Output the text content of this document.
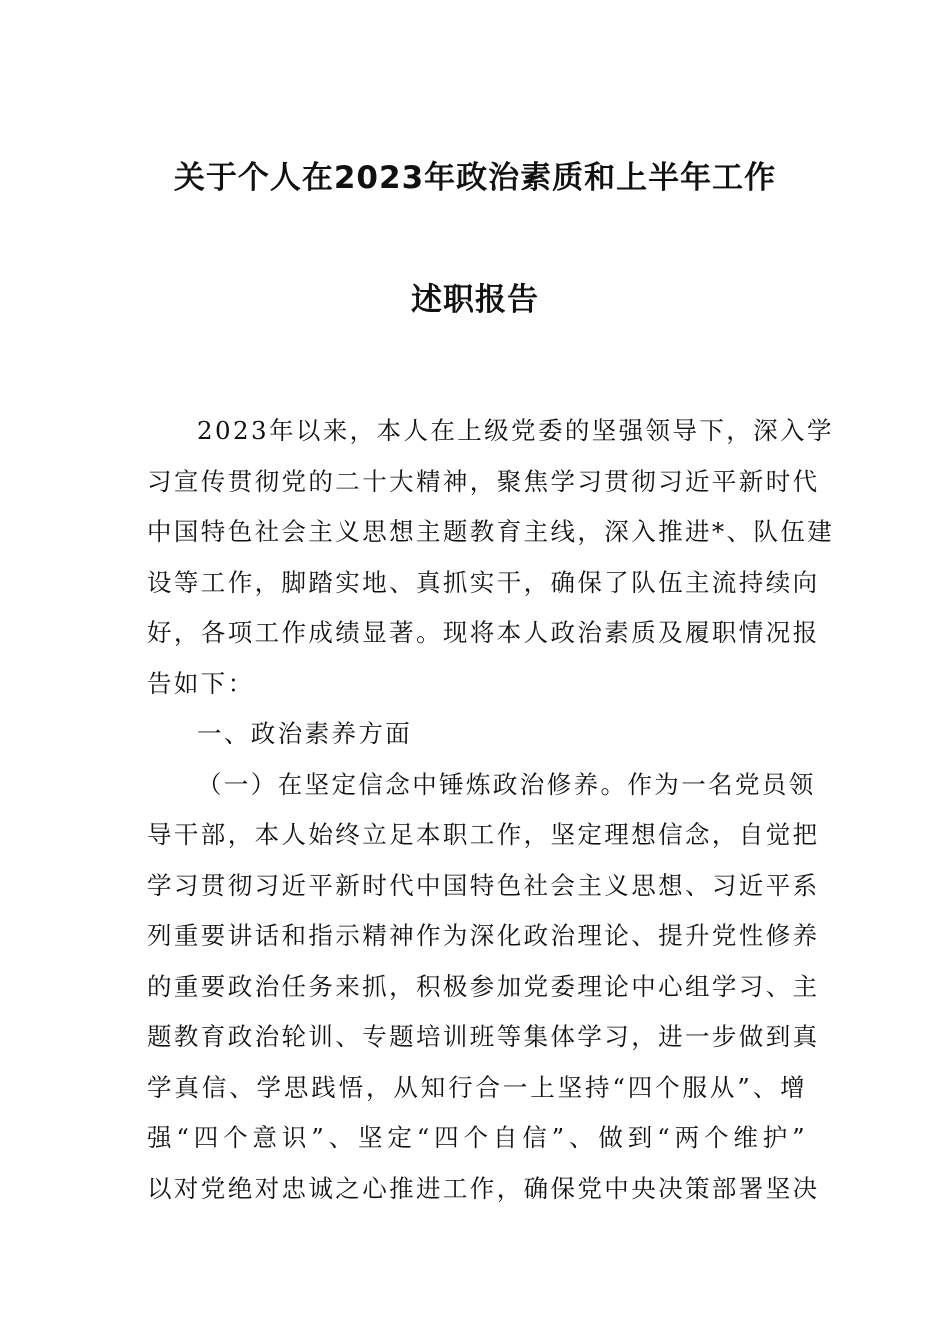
关于个人在2023年政治素质和上半年工作
述职报告
2023年以来，本人在上级党委的坚强领导下，深入学
习宣传贯彻党的二十大精神，聚焦学习贯彻习近平新时代
中国特色社会主义思想主题教育主线，深入推进*、队伍建
设等工作，脚踏实地、真抓实干，确保了队伍主流持续向
好，各项工作成绩显著。现将本人政治素质及履职情况报
告如下：
一、政治素养方面
（一）在坚定信念中锤炼政治修养。作为一名党员领
导干部，本人始终立足本职工作，坚定理想信念，自觉把
学习贯彻习近平新时代中国特色社会主义思想、习近平系
列重要讲话和指示精神作为深化政治理论、提升党性修养
的重要政治任务来抓，积极参加党委理论中心组学习、主
题教育政治轮训、专题培训班等集体学习，进一步做到真
学真信、学思践悟，从知行合一上坚持“四个服从”、增
强“四个意识”、坚定“四个自信”、做到“两个维护”
以对党绝对忠诚之心推进工作，确保党中央决策部署坚决
